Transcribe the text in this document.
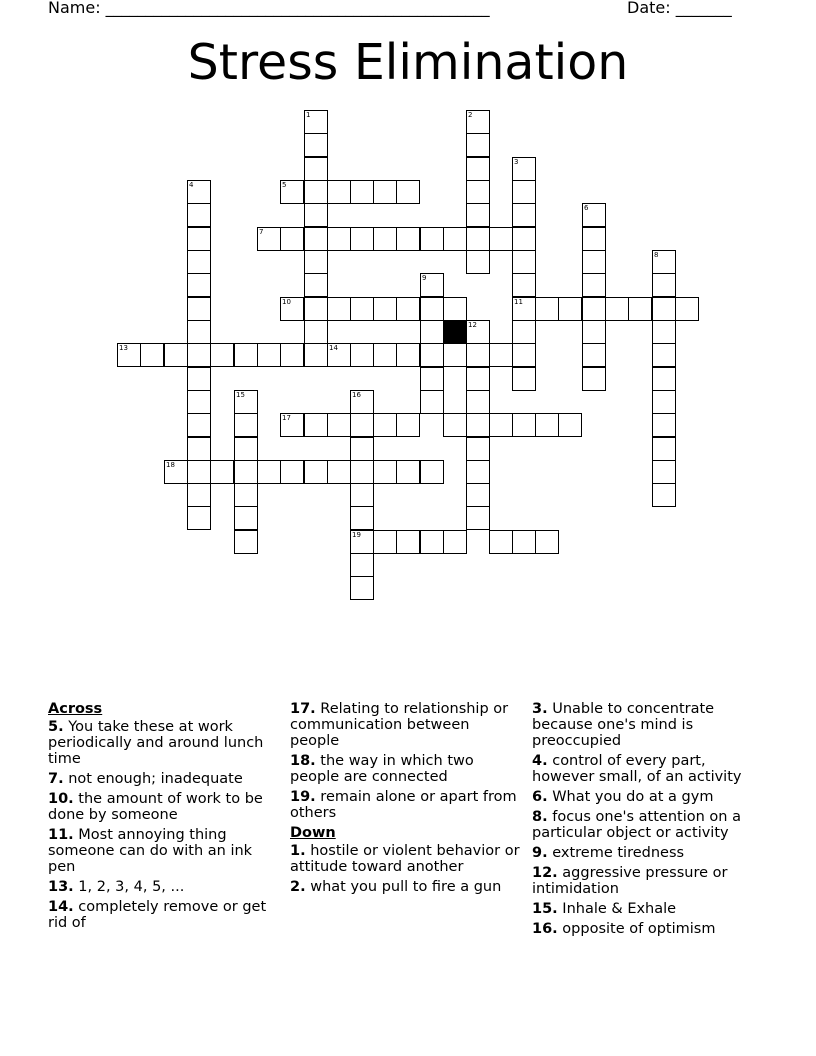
Name: ________________________________________________	Date: _______
Stress Elimination
1	2
3
4	5
6
7
8
9
10	11
12
13	14
15	16
17
18
19
Across
5. You take these at work periodically and around lunch time
7. not enough; inadequate
10. the amount of work to be done by someone
11. Most annoying thing someone can do with an ink pen
13. 1, 2, 3, 4, 5, ...
14. completely remove or get rid of
17. Relating to relationship or communication between people
18. the way in which two people are connected
19. remain alone or apart from others
Down
1. hostile or violent behavior or attitude toward another
2. what you pull to fire a gun
3. Unable to concentrate because one's mind is preoccupied
4. control of every part, however small, of an activity
6. What you do at a gym
8. focus one's attention on a particular object or activity
9. extreme tiredness
12. aggressive pressure or intimidation
15. Inhale & Exhale
16. opposite of optimism
